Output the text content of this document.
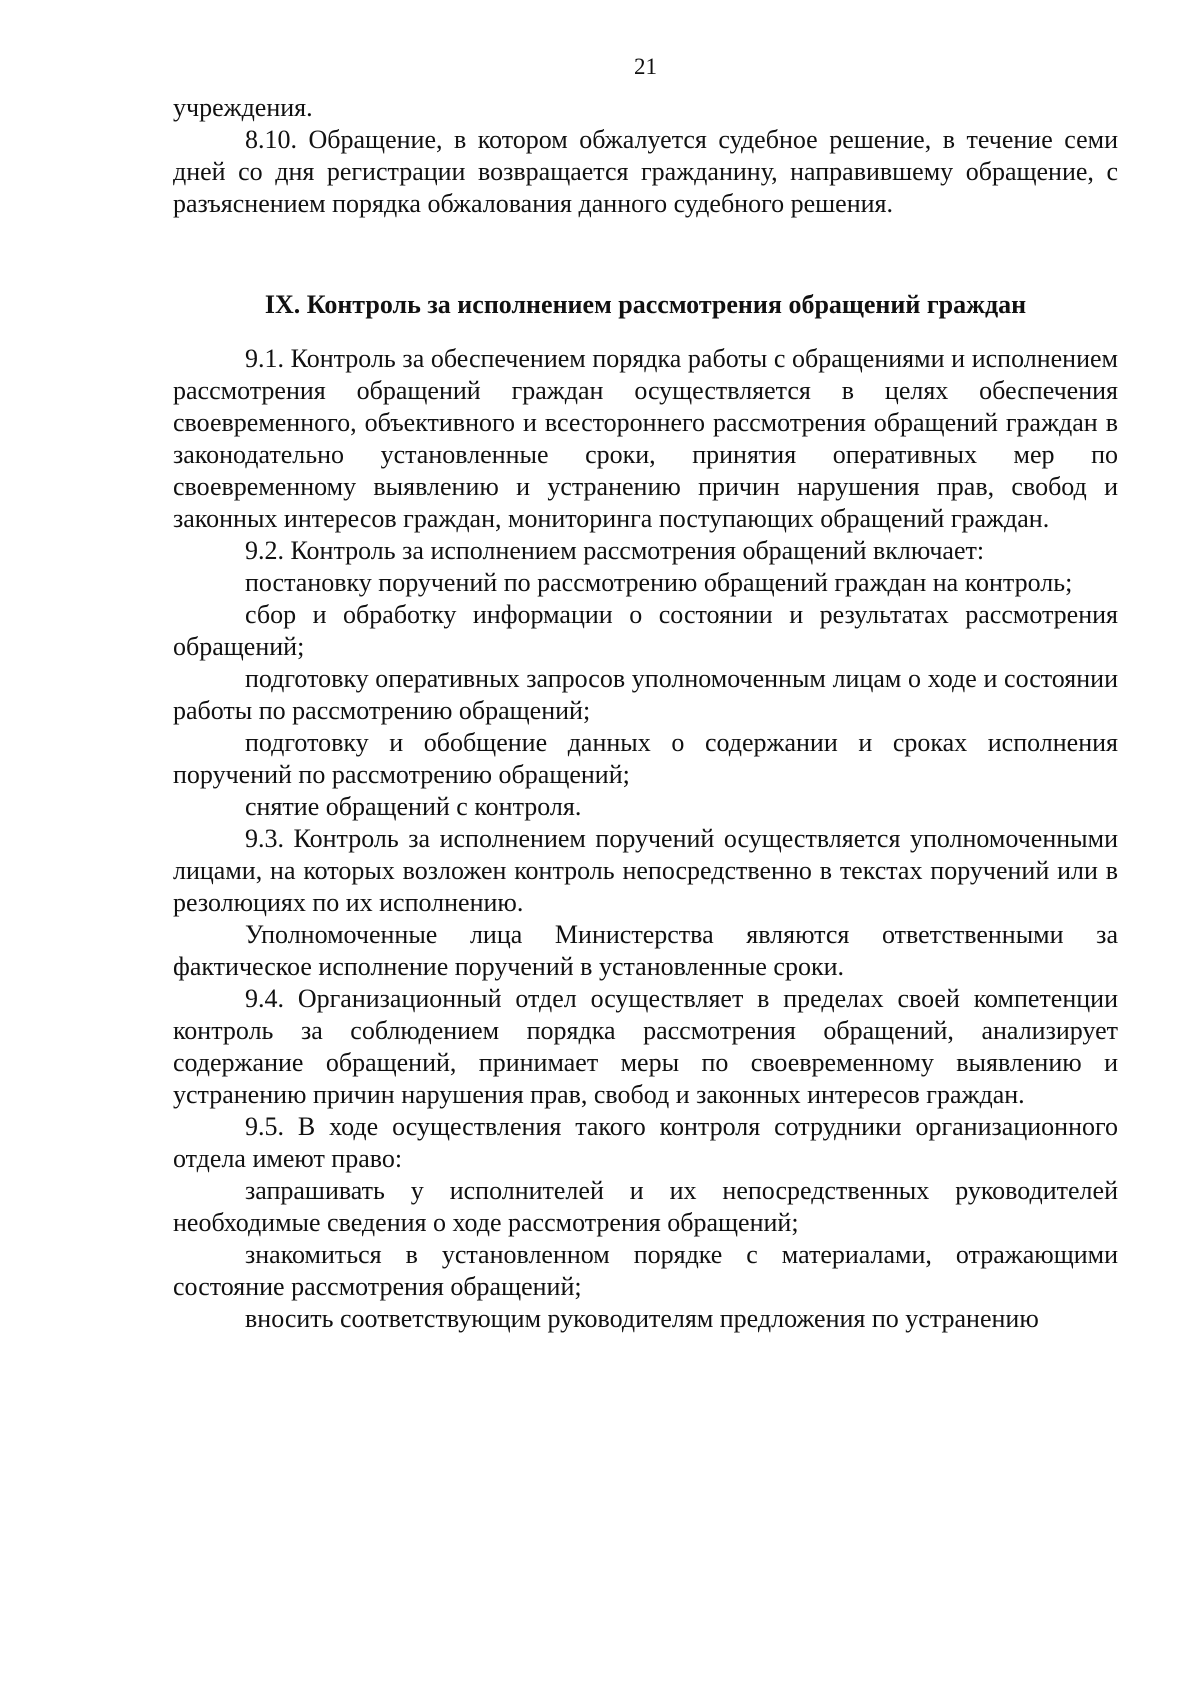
21

учреждения.

8.10. Обращение, в котором обжалуется судебное решение, в течение семи дней со дня регистрации возвращается гражданину, направившему обращение, с разъяснением порядка обжалования данного судебного решения.

IX. Контроль за исполнением рассмотрения обращений граждан

9.1. Контроль за обеспечением порядка работы с обращениями и исполнением рассмотрения обращений граждан осуществляется в целях обеспечения своевременного, объективного и всестороннего рассмотрения обращений граждан в законодательно установленные сроки, принятия оперативных мер по своевременному выявлению и устранению причин нарушения прав, свобод и законных интересов граждан, мониторинга поступающих обращений граждан.

9.2. Контроль за исполнением рассмотрения обращений включает:

постановку поручений по рассмотрению обращений граждан на контроль;

сбор и обработку информации о состоянии и результатах рассмотрения обращений;

подготовку оперативных запросов уполномоченным лицам о ходе и состоянии работы по рассмотрению обращений;

подготовку и обобщение данных о содержании и сроках исполнения поручений по рассмотрению обращений;

снятие обращений с контроля.

9.3. Контроль за исполнением поручений осуществляется уполномоченными лицами, на которых возложен контроль непосредственно в текстах поручений или в резолюциях по их исполнению.

Уполномоченные лица Министерства являются ответственными за фактическое исполнение поручений в установленные сроки.

9.4. Организационный отдел осуществляет в пределах своей компетенции контроль за соблюдением порядка рассмотрения обращений, анализирует содержание обращений, принимает меры по своевременному выявлению и устранению причин нарушения прав, свобод и законных интересов граждан.

9.5. В ходе осуществления такого контроля сотрудники организационного отдела имеют право:

запрашивать у исполнителей и их непосредственных руководителей необходимые сведения о ходе рассмотрения обращений;

знакомиться в установленном порядке с материалами, отражающими состояние рассмотрения обращений;

вносить соответствующим руководителям предложения по устранению
